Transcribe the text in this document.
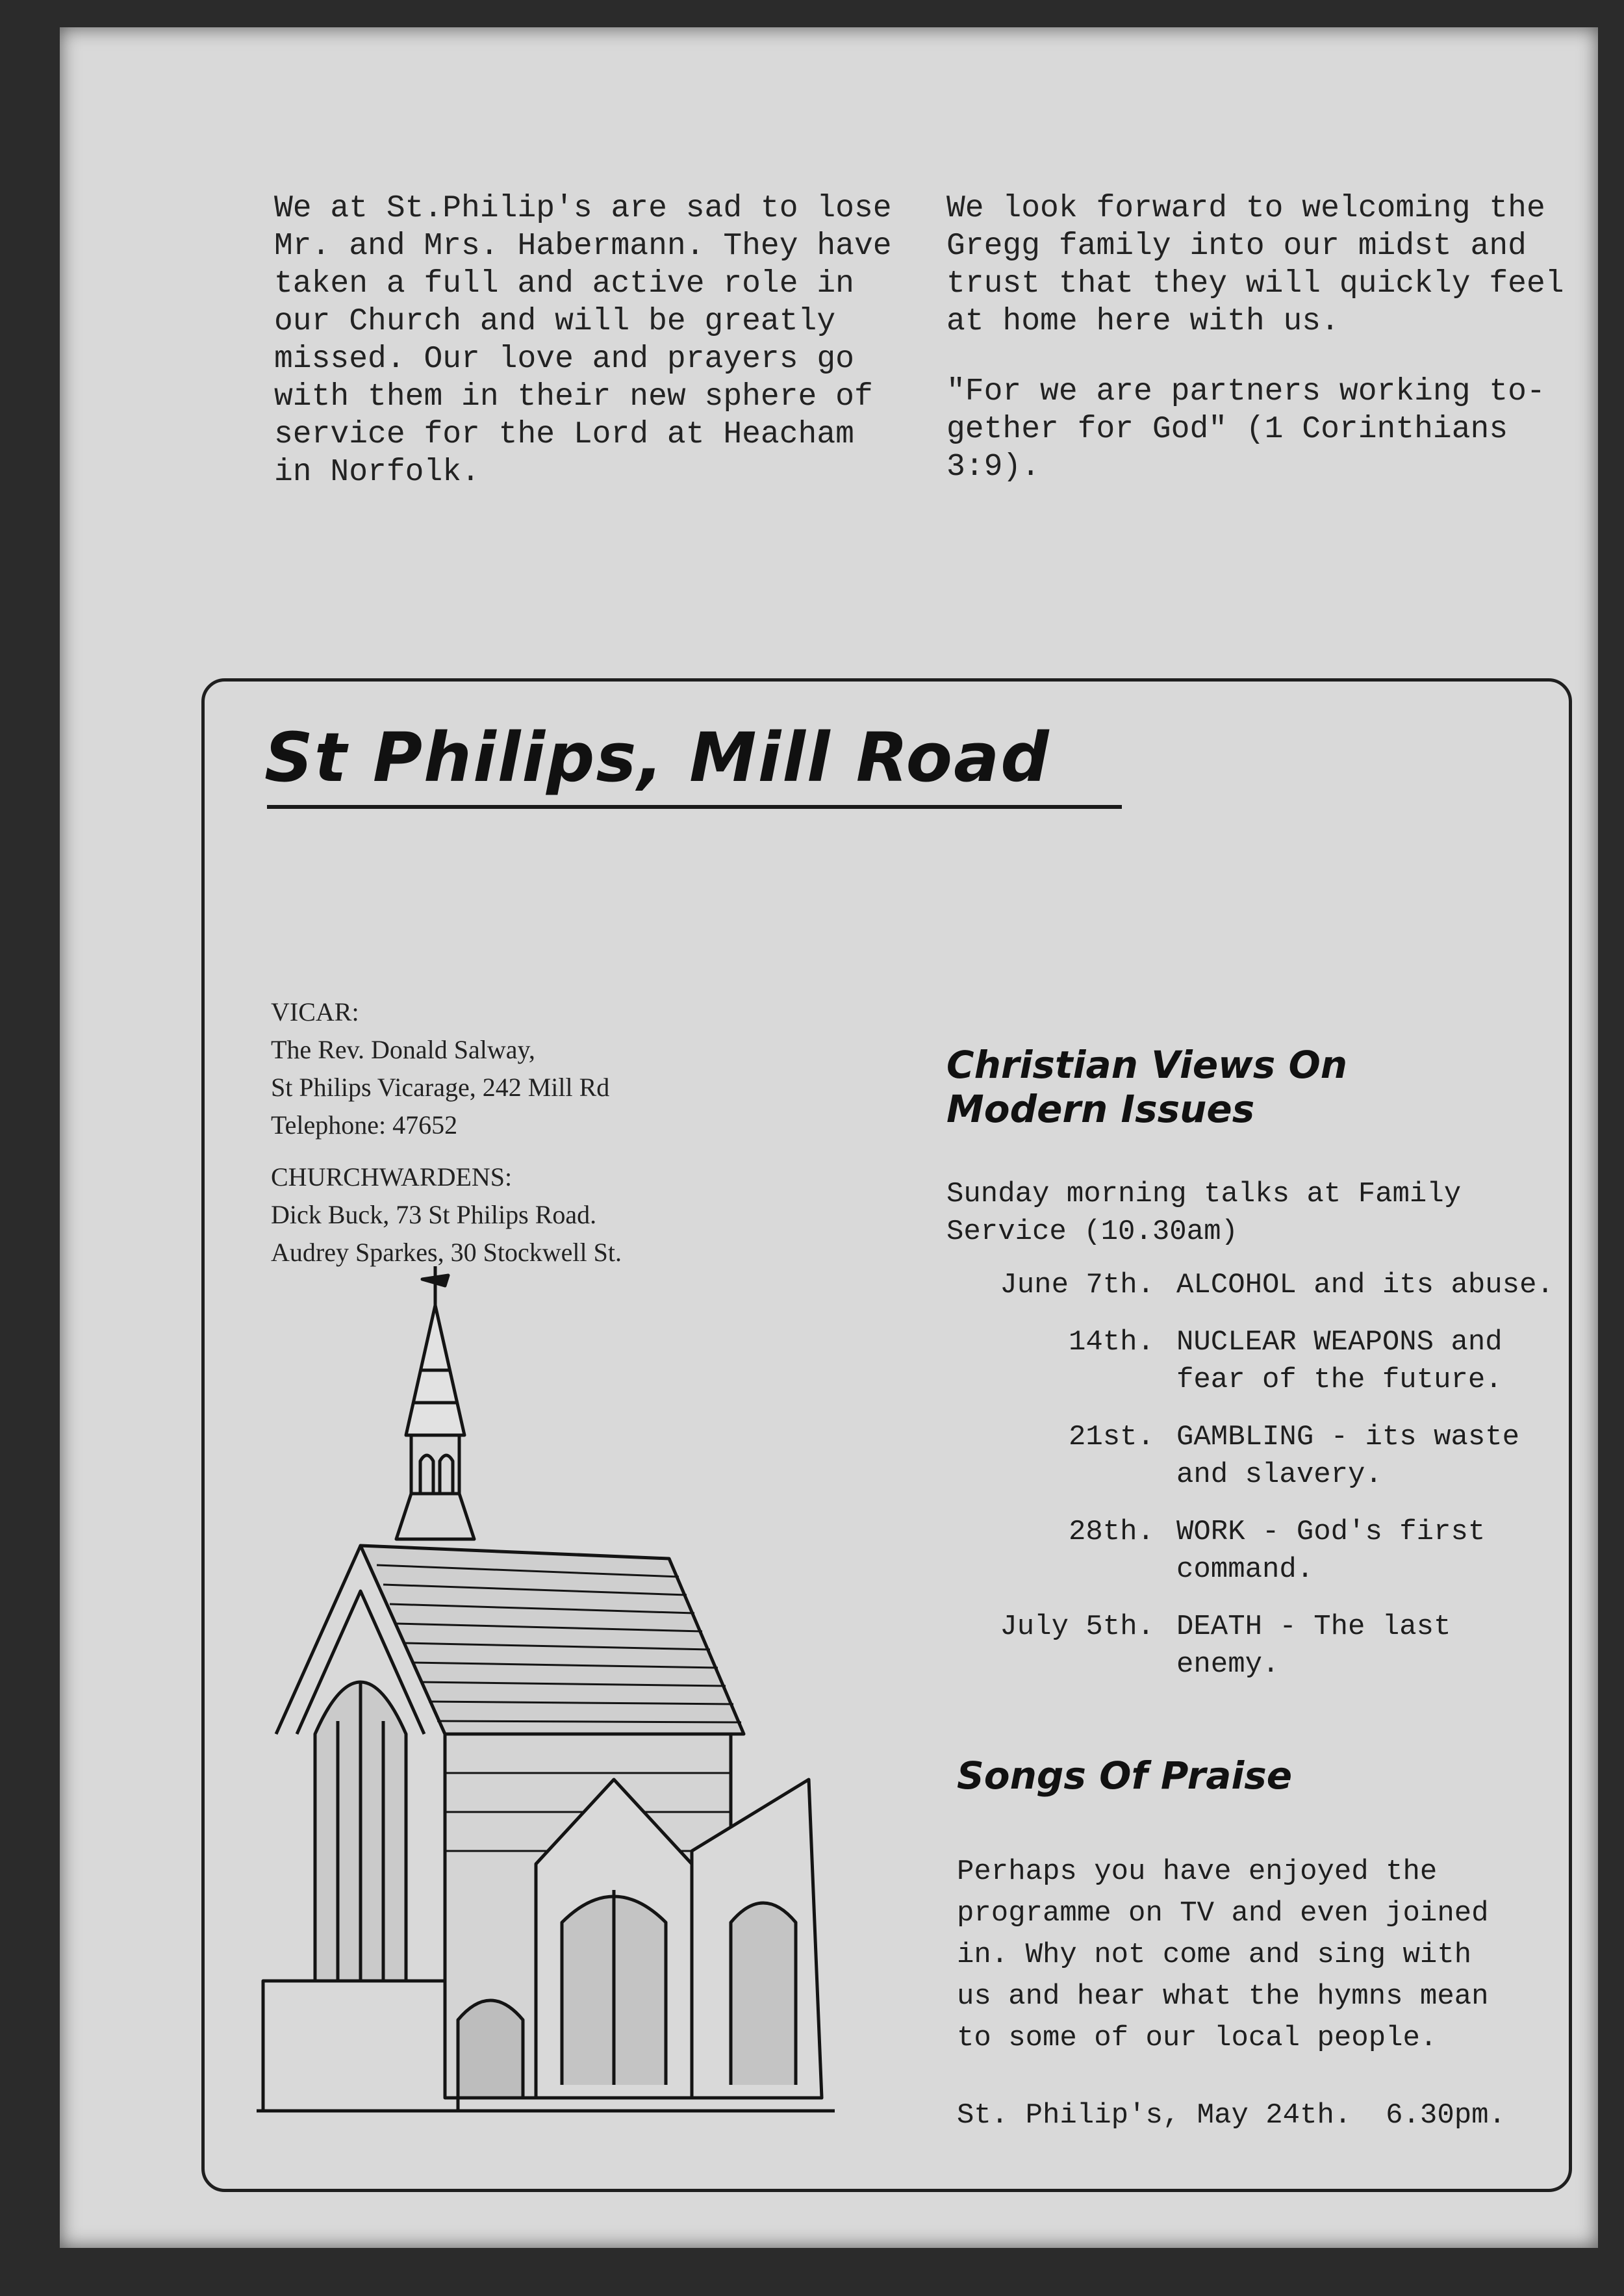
We at St.Philip's are sad to lose
Mr. and Mrs. Habermann. They have
taken a full and active role in
our Church and will be greatly
missed. Our love and prayers go
with them in their new sphere of
service for the Lord at Heacham
in Norfolk.
We look forward to welcoming the
Gregg family into our midst and
trust that they will quickly feel
at home here with us.
"For we are partners working to-
gether for God" (1 Corinthians
3:9).
St Philips, Mill Road
VICAR:
The Rev. Donald Salway,
St Philips Vicarage, 242 Mill Rd
Telephone: 47652
CHURCHWARDENS:
Dick Buck, 73 St Philips Road.
Audrey Sparkes, 30 Stockwell St.
Christian Views On
Modern Issues
Sunday morning talks at Family
Service (10.30am)
June 7th. ALCOHOL and its abuse.
14th. NUCLEAR WEAPONS and
fear of the future.
21st. GAMBLING - its waste
and slavery.
28th. WORK - God's first
command.
July 5th. DEATH - The last
enemy.
Songs Of Praise
Perhaps you have enjoyed the
programme on TV and even joined
in. Why not come and sing with
us and hear what the hymns mean
to some of our local people.
St. Philip's, May 24th.  6.30pm.
